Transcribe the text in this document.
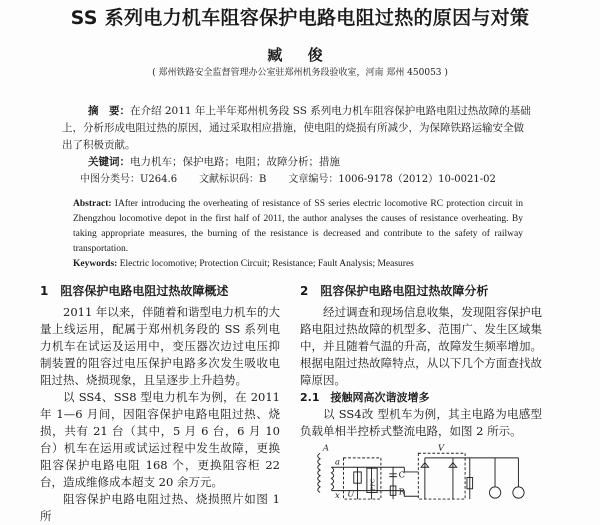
SS 系列电力机车阻容保护电路电阻过热的原因与对策
臧 俊
( 郑州铁路安全监督管理办公室驻郑州机务段验收室，河南 郑州 450053 )
摘　要：在介绍 2011 年上半年郑州机务段 SS 系列电力机车阻容保护电路电阻过热故障的基础上，分析形成电阻过热的原因，通过采取相应措施，使电阻的烧损有所减少，为保障铁路运输安全做出了积极贡献。
关键词：电力机车；保护电路；电阻；故障分析；措施
中图分类号：U264.6 文献标识码：B 文章编号：1006-9178（2012）10-0021-02
Abstract: IAfter introducing the overheating of resistance of SS series electric locomotive RC protection circuit in Zhengzhou locomotive depot in the first half of 2011, the author analyses the causes of resistance overheating. By taking appropriate measures, the burning of the resistance is decreased and contribute to the safety of railway transportation.
Keywords: Electric locomotive; Protection Circuit; Resistance; Fault Analysis; Measures
1　阻容保护电路电阻过热故障概述

2011 年以来，伴随着和谐型电力机车的大量上线运用，配属于郑州机务段的 SS 系列电力机车在试运及运用中，变压器次边过电压抑制装置的阻容过电压保护电路多次发生吸收电阻过热、烧损现象，且呈逐步上升趋势。

以 SS4、SS8 型电力机车为例，在 2011 年 1—6 月间，因阻容保护电路电阻过热、烧损，共有 21 台（其中，5 月 6 台，6 月 10 台）机车在运用或试运过程中发生故障，更换阻容保护电路电阻 168 个，更换阻容柜 22 台，造成维修成本超支 20 余万元。

阻容保护电路电阻过热、烧损照片如图 1 所

2　阻容保护电路电阻过热故障分析

经过调查和现场信息收集，发现阻容保护电路电阻过热故障的机型多、范围广、发生区域集中，并且随着气温的升高，故障发生频率增加。根据电阻过热故障特点，从以下几个方面查找故障原因。

2.1　接触网高次谐波增多

以 SS4改 型机车为例，其主电路为电感型负载单相半控桥式整流电路，如图 2 所示。

A
a
x U
PFC
C
R
V
